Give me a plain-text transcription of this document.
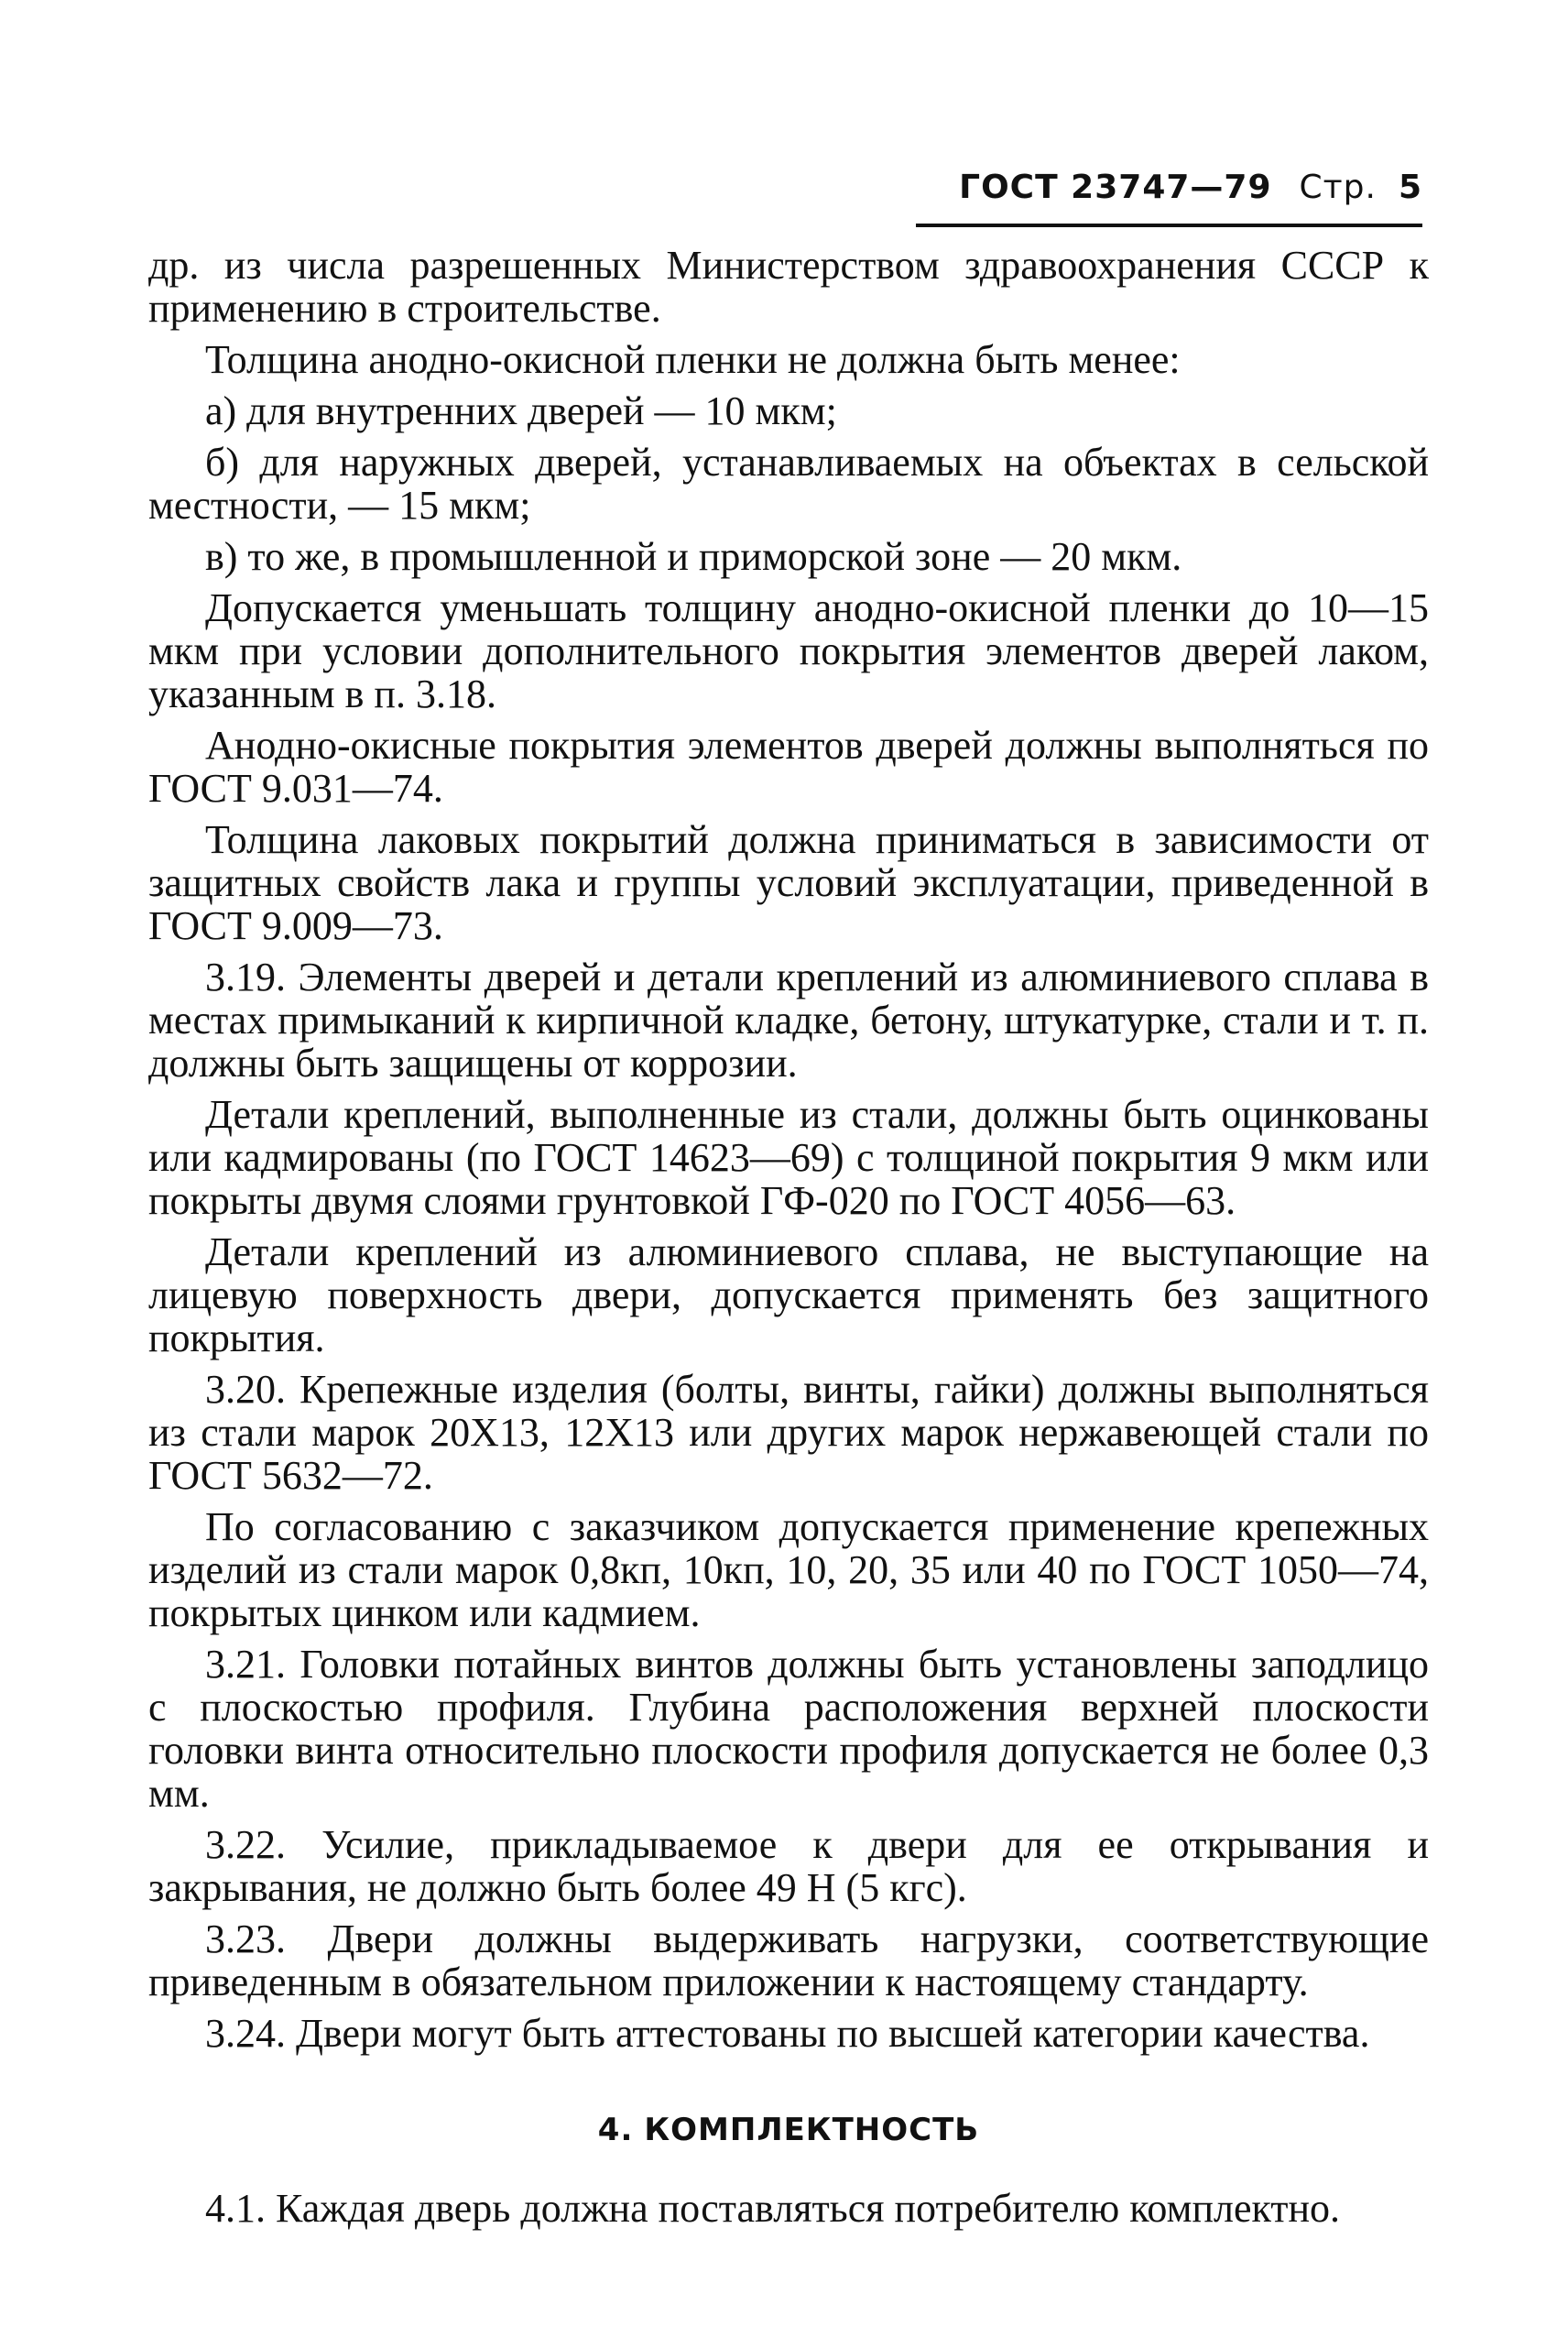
ГОСТ 23747—79 Стр. 5

др. из числа разрешенных Министерством здравоохранения СССР к применению в строительстве.

Толщина анодно-окисной пленки не должна быть менее:

а) для внутренних дверей — 10 мкм;

б) для наружных дверей, устанавливаемых на объектах в сельской местности, — 15 мкм;

в) то же, в промышленной и приморской зоне — 20 мкм.

Допускается уменьшать толщину анодно-окисной пленки до 10—15 мкм при условии дополнительного покрытия элементов дверей лаком, указанным в п. 3.18.

Анодно-окисные покрытия элементов дверей должны выполняться по ГОСТ 9.031—74.

Толщина лаковых покрытий должна приниматься в зависимости от защитных свойств лака и группы условий эксплуатации, приведенной в ГОСТ 9.009—73.

3.19. Элементы дверей и детали креплений из алюминиевого сплава в местах примыканий к кирпичной кладке, бетону, штукатурке, стали и т. п. должны быть защищены от коррозии.

Детали креплений, выполненные из стали, должны быть оцинкованы или кадмированы (по ГОСТ 14623—69) с толщиной покрытия 9 мкм или покрыты двумя слоями грунтовкой ГФ-020 по ГОСТ 4056—63.

Детали креплений из алюминиевого сплава, не выступающие на лицевую поверхность двери, допускается применять без защитного покрытия.

3.20. Крепежные изделия (болты, винты, гайки) должны выполняться из стали марок 20Х13, 12Х13 или других марок нержавеющей стали по ГОСТ 5632—72.

По согласованию с заказчиком допускается применение крепежных изделий из стали марок 0,8кп, 10кп, 10, 20, 35 или 40 по ГОСТ 1050—74, покрытых цинком или кадмием.

3.21. Головки потайных винтов должны быть установлены заподлицо с плоскостью профиля. Глубина расположения верхней плоскости головки винта относительно плоскости профиля допускается не более 0,3 мм.

3.22. Усилие, прикладываемое к двери для ее открывания и закрывания, не должно быть более 49 Н (5 кгс).

3.23. Двери должны выдерживать нагрузки, соответствующие приведенным в обязательном приложении к настоящему стандарту.

3.24. Двери могут быть аттестованы по высшей категории качества.

4. КОМПЛЕКТНОСТЬ

4.1. Каждая дверь должна поставляться потребителю комплектно.
